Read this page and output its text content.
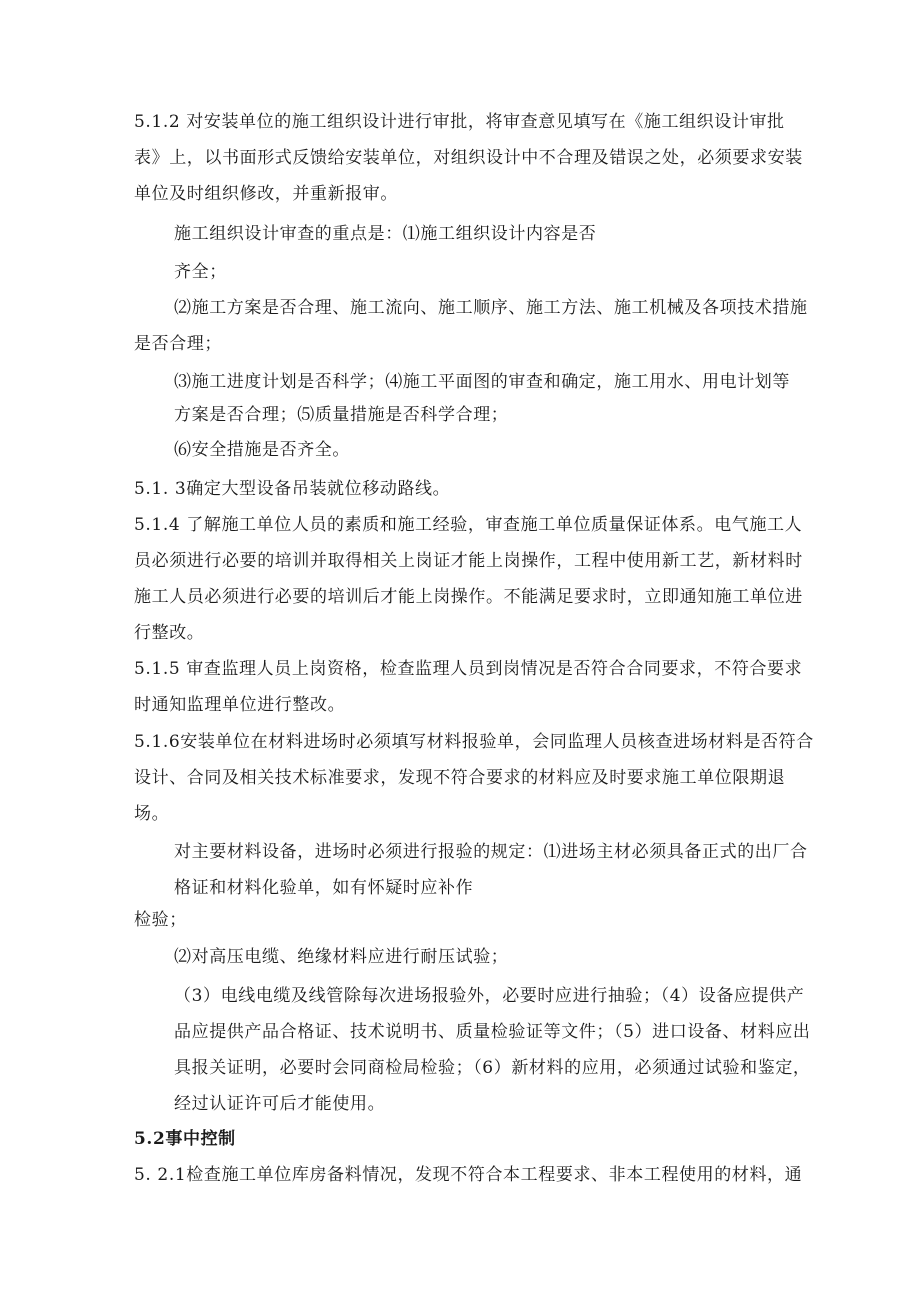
5.1.2 对安装单位的施工组织设计进行审批，将审查意见填写在《施工组织设计审批
表》上，以书面形式反馈给安装单位，对组织设计中不合理及错误之处，必须要求安装
单位及时组织修改，并重新报审。
施工组织设计审查的重点是：⑴施工组织设计内容是否
齐全；
⑵施工方案是否合理、施工流向、施工顺序、施工方法、施工机械及各项技术措施
是否合理；
⑶施工进度计划是否科学；⑷施工平面图的审查和确定，施工用水、用电计划等
方案是否合理；⑸质量措施是否科学合理；
⑹安全措施是否齐全。
5.1. 3确定大型设备吊装就位移动路线。
5.1.4 了解施工单位人员的素质和施工经验，审查施工单位质量保证体系。电气施工人
员必须进行必要的培训并取得相关上岗证才能上岗操作，工程中使用新工艺，新材料时
施工人员必须进行必要的培训后才能上岗操作。不能满足要求时，立即通知施工单位进
行整改。
5.1.5 审查监理人员上岗资格，检查监理人员到岗情况是否符合合同要求，不符合要求
时通知监理单位进行整改。
5.1.6安装单位在材料进场时必须填写材料报验单，会同监理人员核查进场材料是否符合
设计、合同及相关技术标准要求，发现不符合要求的材料应及时要求施工单位限期退
场。
对主要材料设备，进场时必须进行报验的规定：⑴进场主材必须具备正式的出厂合
格证和材料化验单，如有怀疑时应补作
检验；
⑵对高压电缆、绝缘材料应进行耐压试验；
（3）电线电缆及线管除每次进场报验外，必要时应进行抽验；（4）设备应提供产
品应提供产品合格证、技术说明书、质量检验证等文件；（5）进口设备、材料应出
具报关证明，必要时会同商检局检验；（6）新材料的应用，必须通过试验和鉴定，
经过认证许可后才能使用。
5.2事中控制
5. 2.1检查施工单位库房备料情况，发现不符合本工程要求、非本工程使用的材料，通
